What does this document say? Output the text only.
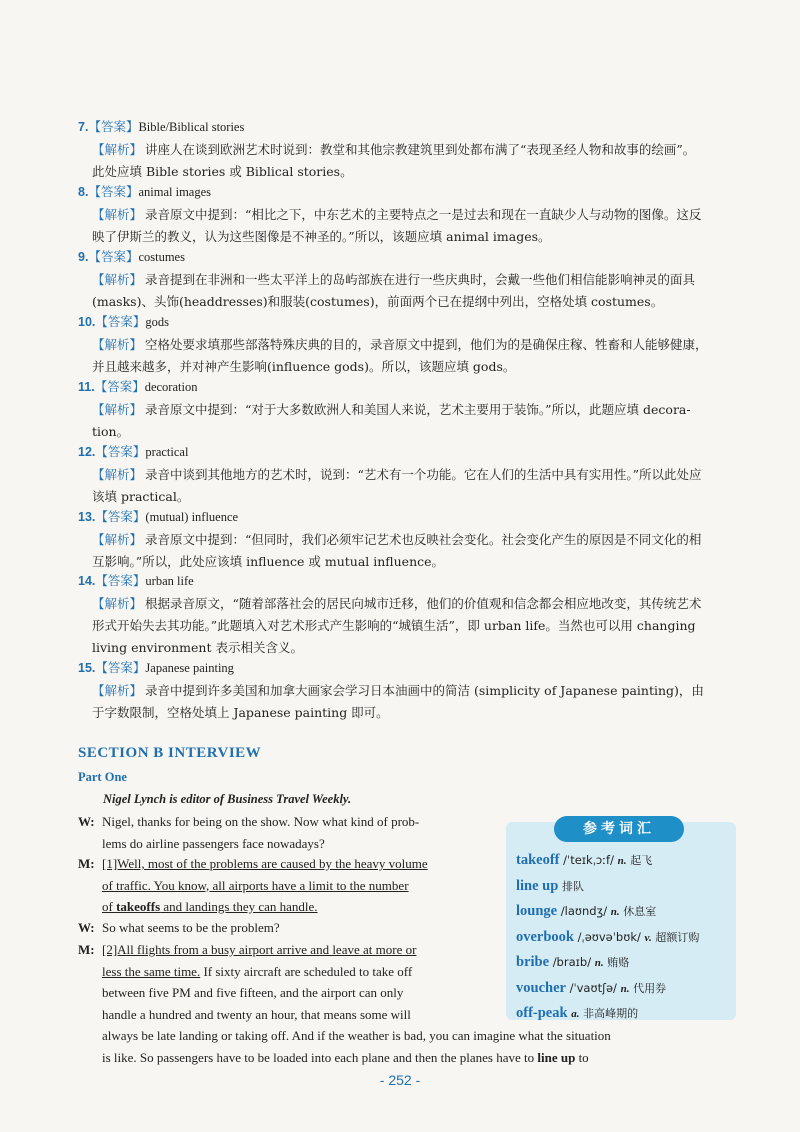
7.【答案】Bible/Biblical stories
【解析】 讲座人在谈到欧洲艺术时说到：教堂和其他宗教建筑里到处都布满了“表现圣经人物和故事的绘画”。
此处应填 Bible stories 或 Biblical stories。
8.【答案】animal images
【解析】 录音原文中提到：“相比之下，中东艺术的主要特点之一是过去和现在一直缺少人与动物的图像。这反
映了伊斯兰的教义，认为这些图像是不神圣的。”所以，该题应填 animal images。
9.【答案】costumes
【解析】 录音提到在非洲和一些太平洋上的岛屿部族在进行一些庆典时，会戴一些他们相信能影响神灵的面具
(masks)、头饰(headdresses)和服装(costumes)，前面两个已在提纲中列出，空格处填 costumes。
10.【答案】gods
【解析】 空格处要求填那些部落特殊庆典的目的，录音原文中提到，他们为的是确保庄稼、牲畜和人能够健康，
并且越来越多，并对神产生影响(influence gods)。所以，该题应填 gods。
11.【答案】decoration
【解析】 录音原文中提到：“对于大多数欧洲人和美国人来说，艺术主要用于装饰。”所以，此题应填 decora-
tion。
12.【答案】practical
【解析】 录音中谈到其他地方的艺术时，说到：“艺术有一个功能。它在人们的生活中具有实用性。”所以此处应
该填 practical。
13.【答案】(mutual) influence
【解析】 录音原文中提到：“但同时，我们必须牢记艺术也反映社会变化。社会变化产生的原因是不同文化的相
互影响。”所以，此处应该填 influence 或 mutual influence。
14.【答案】urban life
【解析】 根据录音原文，“随着部落社会的居民向城市迁移，他们的价值观和信念都会相应地改变，其传统艺术
形式开始失去其功能。”此题填入对艺术形式产生影响的“城镇生活”，即 urban life。当然也可以用 changing
living environment 表示相关含义。
15.【答案】Japanese painting
【解析】 录音中提到许多美国和加拿大画家会学习日本油画中的简洁 (simplicity of Japanese painting)，由
于字数限制，空格处填上 Japanese painting 即可。
SECTION B INTERVIEW
Part One
Nigel Lynch is editor of Business Travel Weekly.
W: Nigel, thanks for being on the show. Now what kind of prob-
lems do airline passengers face nowadays?
M: [1]Well, most of the problems are caused by the heavy volume
of traffic. You know, all airports have a limit to the number
of takeoffs and landings they can handle.
W: So what seems to be the problem?
M: [2]All flights from a busy airport arrive and leave at more or
less the same time. If sixty aircraft are scheduled to take off
between five PM and five fifteen, and the airport can only
handle a hundred and twenty an hour, that means some will
always be late landing or taking off. And if the weather is bad, you can imagine what the situation
is like. So passengers have to be loaded into each plane and then the planes have to line up to
参考词汇
takeoff /ˈteɪkˌɔːf/ n. 起飞
line up 排队
lounge /laʊndʒ/ n. 休息室
overbook /ˌəʊvəˈbʊk/ v. 超额订购
bribe /braɪb/ n. 贿赂
voucher /ˈvaʊtʃə/ n. 代用券
off-peak a. 非高峰期的
- 252 -
